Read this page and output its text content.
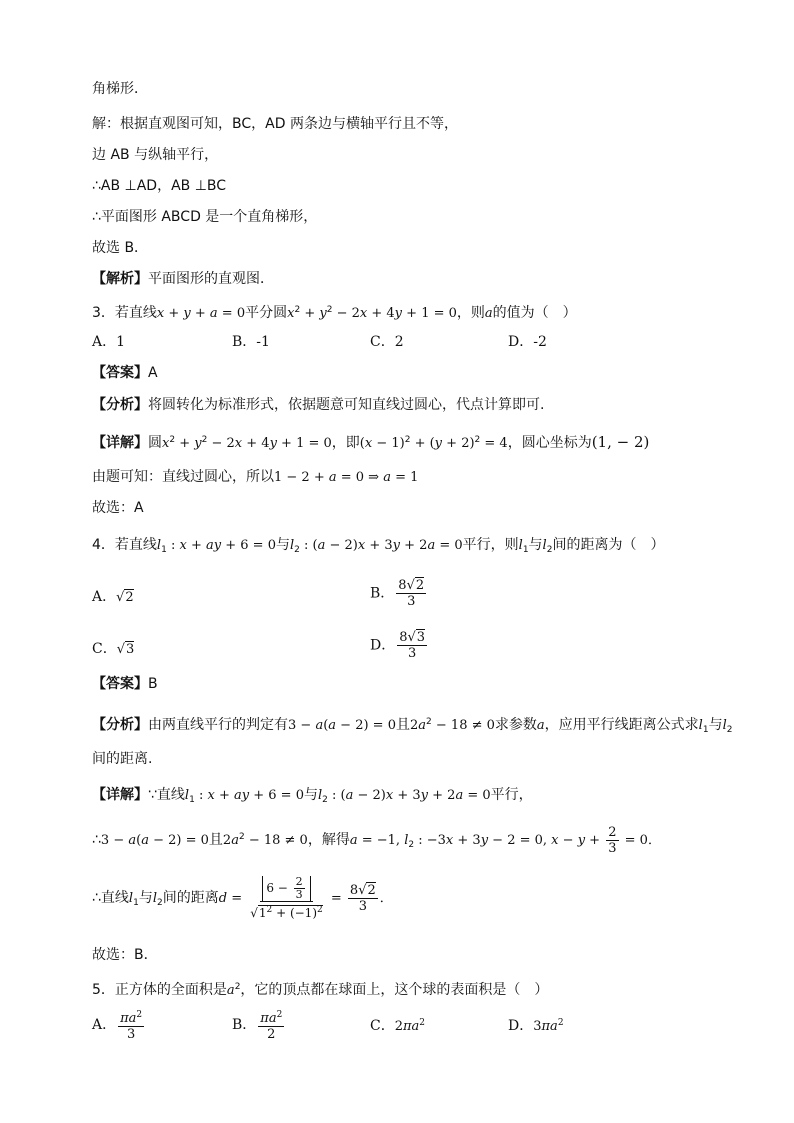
角梯形．
解：根据直观图可知，BC，AD 两条边与横轴平行且不等，
边 AB 与纵轴平行，
∴AB ⊥AD，AB ⊥BC
∴平面图形 ABCD 是一个直角梯形，
故选 B．
【解析】平面图形的直观图．
3．若直线x + y + a = 0平分圆$x^2 + y^2 - 2x + 4y + 1 = 0$，则a的值为（　）
A．1	B．-1	C．2	D．-2
【答案】A
【分析】将圆转化为标准形式，依据题意可知直线过圆心，代点计算即可.
【详解】圆$x^2 + y^2 - 2x + 4y + 1 = 0$，即$(x - 1)^2 + (y + 2)^2 = 4$，圆心坐标为(1, − 2)
由题可知：直线过圆心，所以1 − 2 + a = 0 ⇒ a = 1
故选：A
4．若直线$l_1$ : x + ay + 6 = 0与$l_2$ : (a − 2)x + 3y + 2a = 0平行，则$l_1$与$l_2$间的距离为（　）
A．√2	B． $\frac{8√2}{3}$
C．√3	D． $\frac{8√3}{3}$
【答案】B
【分析】由两直线平行的判定有3 − a(a − 2) = 0且$2a^2 - 18 \ne 0$求参数a，应用平行线距离公式求$l_1$与$l_2$
间的距离.
【详解】∵直线$l_1$ : x + ay + 6 = 0与$l_2$ : (a − 2)x + 3y + 2a = 0平行，
∴3 − a(a − 2) = 0且$2a^2 - 18 \ne 0$，解得a = −1, $l_2$ : −3x + 3y − 2 = 0, $x - y + \frac{2}{3} = 0$．
∴直线$l_1$与$l_2$间的距离$d = \frac{6 - \frac{2}{3}}{√1^2 + (-1)^2} = \frac{8√2}{3}$ ．
故选：B．
5．正方体的全面积是$a^2$，它的顶点都在球面上，这个球的表面积是（　）
A． $\frac{\pi a^2}{3}$	B． $\frac{\pi a^2}{2}$	C．$2\pi a^2$	D．$3\pi a^2$
